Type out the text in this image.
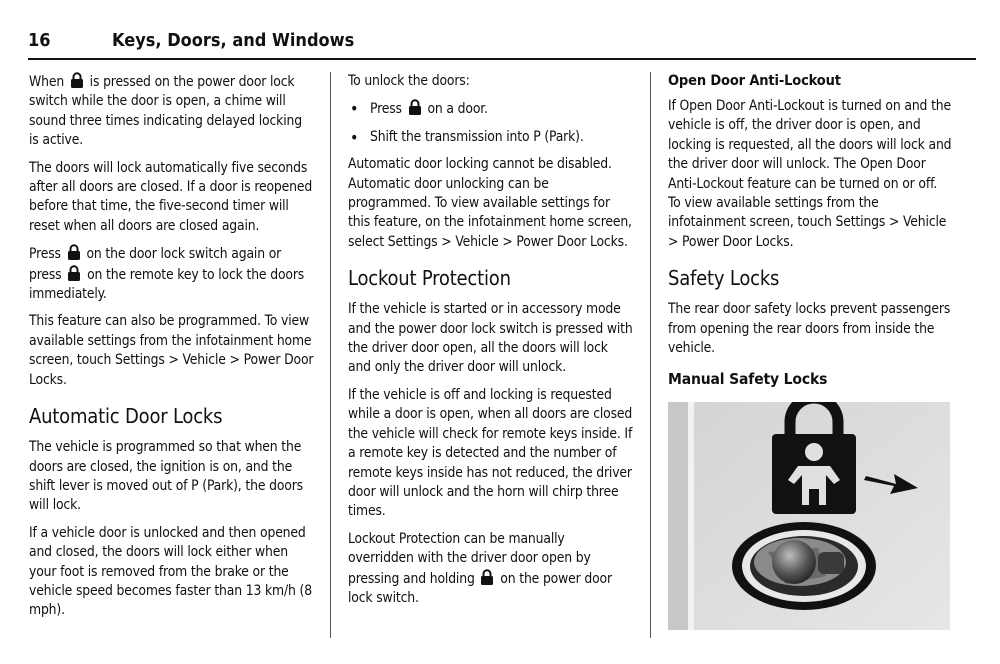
16	Keys, Doors, and Windows

When is pressed on the power door lock switch while the door is open, a chime will sound three times indicating delayed locking is active.

The doors will lock automatically five seconds after all doors are closed. If a door is reopened before that time, the five-second timer will reset when all doors are closed again.

Press on the door lock switch again or press on the remote key to lock the doors immediately.

This feature can also be programmed. To view available settings from the infotainment home screen, touch Settings > Vehicle > Power Door Locks.

Automatic Door Locks

The vehicle is programmed so that when the doors are closed, the ignition is on, and the shift lever is moved out of P (Park), the doors will lock.

If a vehicle door is unlocked and then opened and closed, the doors will lock either when your foot is removed from the brake or the vehicle speed becomes faster than 13 km/h (8 mph).

To unlock the doors:

• Press on a door.
• Shift the transmission into P (Park).

Automatic door locking cannot be disabled. Automatic door unlocking can be programmed. To view available settings for this feature, on the infotainment home screen, select Settings > Vehicle > Power Door Locks.

Lockout Protection

If the vehicle is started or in accessory mode and the power door lock switch is pressed with the driver door open, all the doors will lock and only the driver door will unlock.

If the vehicle is off and locking is requested while a door is open, when all doors are closed the vehicle will check for remote keys inside. If a remote key is detected and the number of remote keys inside has not reduced, the driver door will unlock and the horn will chirp three times.

Lockout Protection can be manually overridden with the driver door open by pressing and holding on the power door lock switch.

Open Door Anti-Lockout

If Open Door Anti-Lockout is turned on and the vehicle is off, the driver door is open, and locking is requested, all the doors will lock and the driver door will unlock. The Open Door Anti-Lockout feature can be turned on or off. To view available settings from the infotainment screen, touch Settings > Vehicle > Power Door Locks.

Safety Locks

The rear door safety locks prevent passengers from opening the rear doors from inside the vehicle.

Manual Safety Locks
